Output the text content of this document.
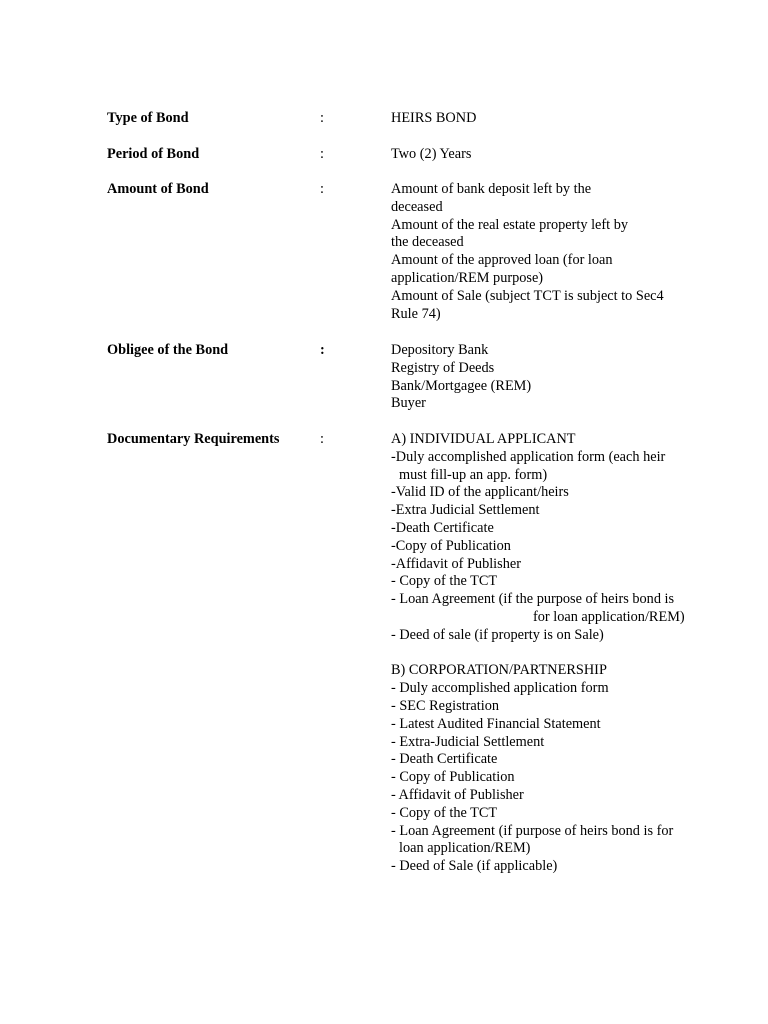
Type of Bond	:	HEIRS BOND
Period of Bond	:	Two (2) Years
Amount of Bond	:	Amount of bank deposit left by the
deceased
Amount of the real estate property left by
the deceased
Amount of the approved loan (for loan
application/REM purpose)
Amount of Sale (subject TCT is subject to Sec4
Rule 74)
Obligee of the Bond	:	Depository Bank
Registry of Deeds
Bank/Mortgagee (REM)
Buyer
Documentary Requirements	:	A) INDIVIDUAL APPLICANT
-Duly accomplished application form (each heir
must fill-up an app. form)
-Valid ID of the applicant/heirs
-Extra Judicial Settlement
-Death Certificate
-Copy of Publication
-Affidavit of Publisher
- Copy of the TCT
- Loan Agreement (if the purpose of heirs bond is
for loan application/REM)
- Deed of sale (if property is on Sale)
B) CORPORATION/PARTNERSHIP
- Duly accomplished application form
- SEC Registration
- Latest Audited Financial Statement
- Extra-Judicial Settlement
- Death Certificate
- Copy of Publication
- Affidavit of Publisher
- Copy of the TCT
- Loan Agreement (if purpose of heirs bond is for
loan application/REM)
- Deed of Sale (if applicable)
